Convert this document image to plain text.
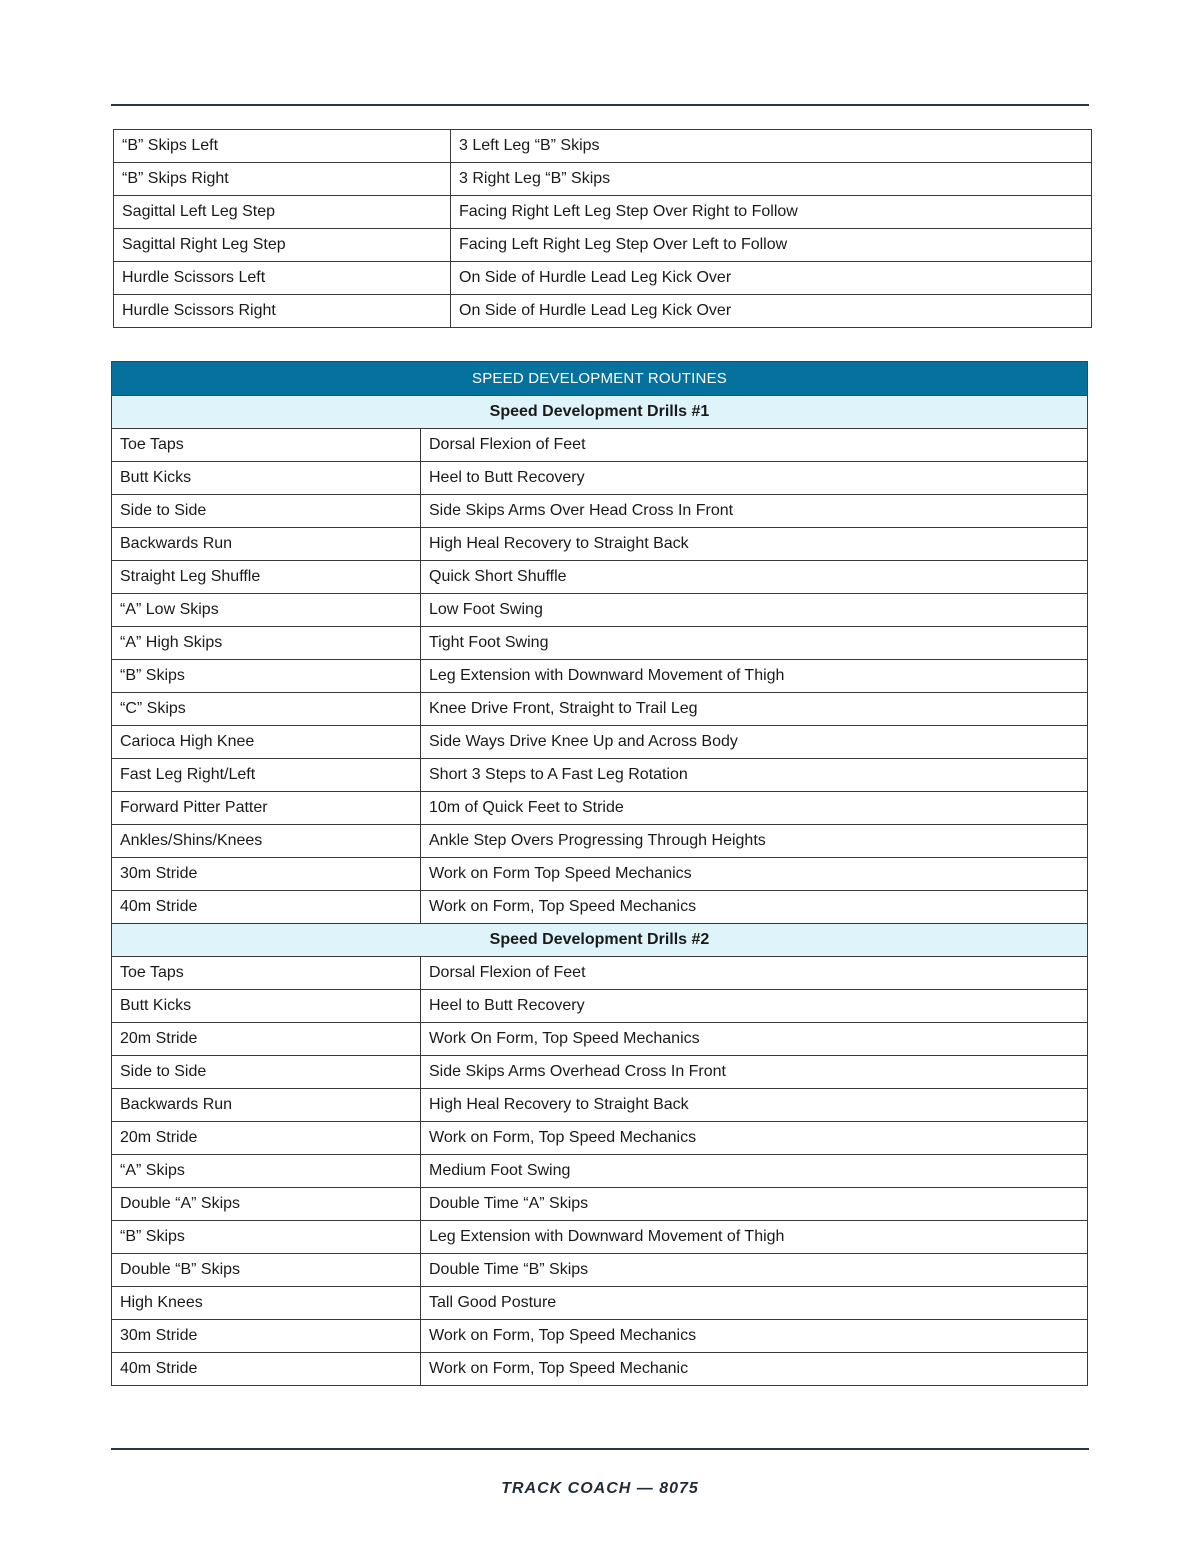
“B” Skips Left	3 Left Leg “B” Skips
“B” Skips Right	3 Right Leg “B” Skips
Sagittal Left Leg Step	Facing Right Left Leg Step Over Right to Follow
Sagittal Right Leg Step	Facing Left Right Leg Step Over Left to Follow
Hurdle Scissors Left	On Side of Hurdle Lead Leg Kick Over
Hurdle Scissors Right	On Side of Hurdle Lead Leg Kick Over
SPEED DEVELOPMENT ROUTINES	
Speed Development Drills #1	
Toe Taps	Dorsal Flexion of Feet
Butt Kicks	Heel to Butt Recovery
Side to Side	Side Skips Arms Over Head Cross In Front
Backwards Run	High Heal Recovery to Straight Back
Straight Leg Shuffle	Quick Short Shuffle
“A” Low Skips	Low Foot Swing
“A” High Skips	Tight Foot Swing
“B” Skips	Leg Extension with Downward Movement of Thigh
“C” Skips	Knee Drive Front, Straight to Trail Leg
Carioca High Knee	Side Ways Drive Knee Up and Across Body
Fast Leg Right/Left	Short 3 Steps to A Fast Leg Rotation
Forward Pitter Patter	10m of Quick Feet to Stride
Ankles/Shins/Knees	Ankle Step Overs Progressing Through Heights
30m Stride	Work on Form Top Speed Mechanics
40m Stride	Work on Form, Top Speed Mechanics
Speed Development Drills #2	
Toe Taps	Dorsal Flexion of Feet
Butt Kicks	Heel to Butt Recovery
20m Stride	Work On Form, Top Speed Mechanics
Side to Side	Side Skips Arms Overhead Cross In Front
Backwards Run	High Heal Recovery to Straight Back
20m Stride	Work on Form, Top Speed Mechanics
“A” Skips	Medium Foot Swing
Double “A” Skips	Double Time “A” Skips
“B” Skips	Leg Extension with Downward Movement of Thigh
Double “B” Skips	Double Time “B” Skips
High Knees	Tall Good Posture
30m Stride	Work on Form, Top Speed Mechanics
40m Stride	Work on Form, Top Speed Mechanic
TRACK COACH — 8075
